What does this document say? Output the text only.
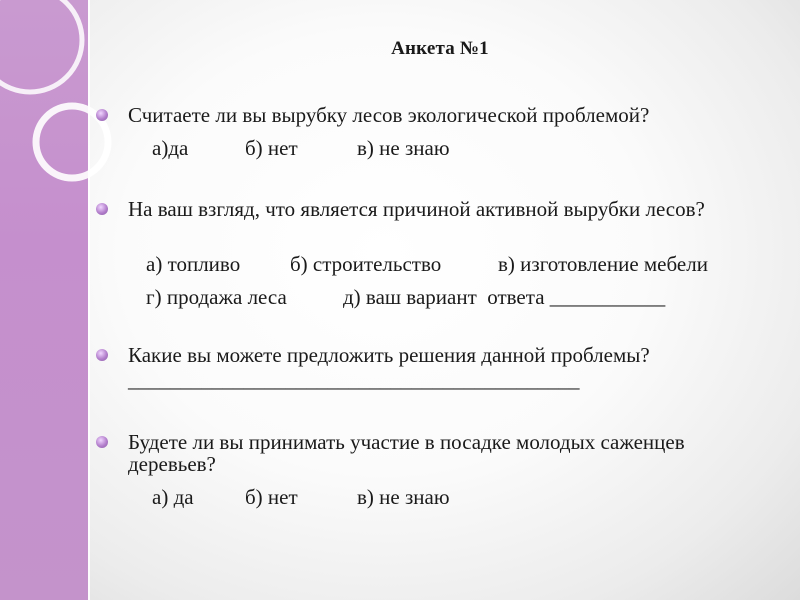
Анкета №1
Считаете ли вы вырубку лесов экологической проблемой?
а)да	б) нет	в) не знаю
На ваш взгляд, что является причиной активной вырубки лесов?
а) топливо б) строительство	в) изготовление мебели
г) продажа леса	д) ваш вариант  ответа ___________
Какие вы можете предложить решения данной проблемы?
___________________________________________
Будете ли вы принимать участие в посадке молодых саженцев деревьев?
а) да б) нет	в) не знаю
